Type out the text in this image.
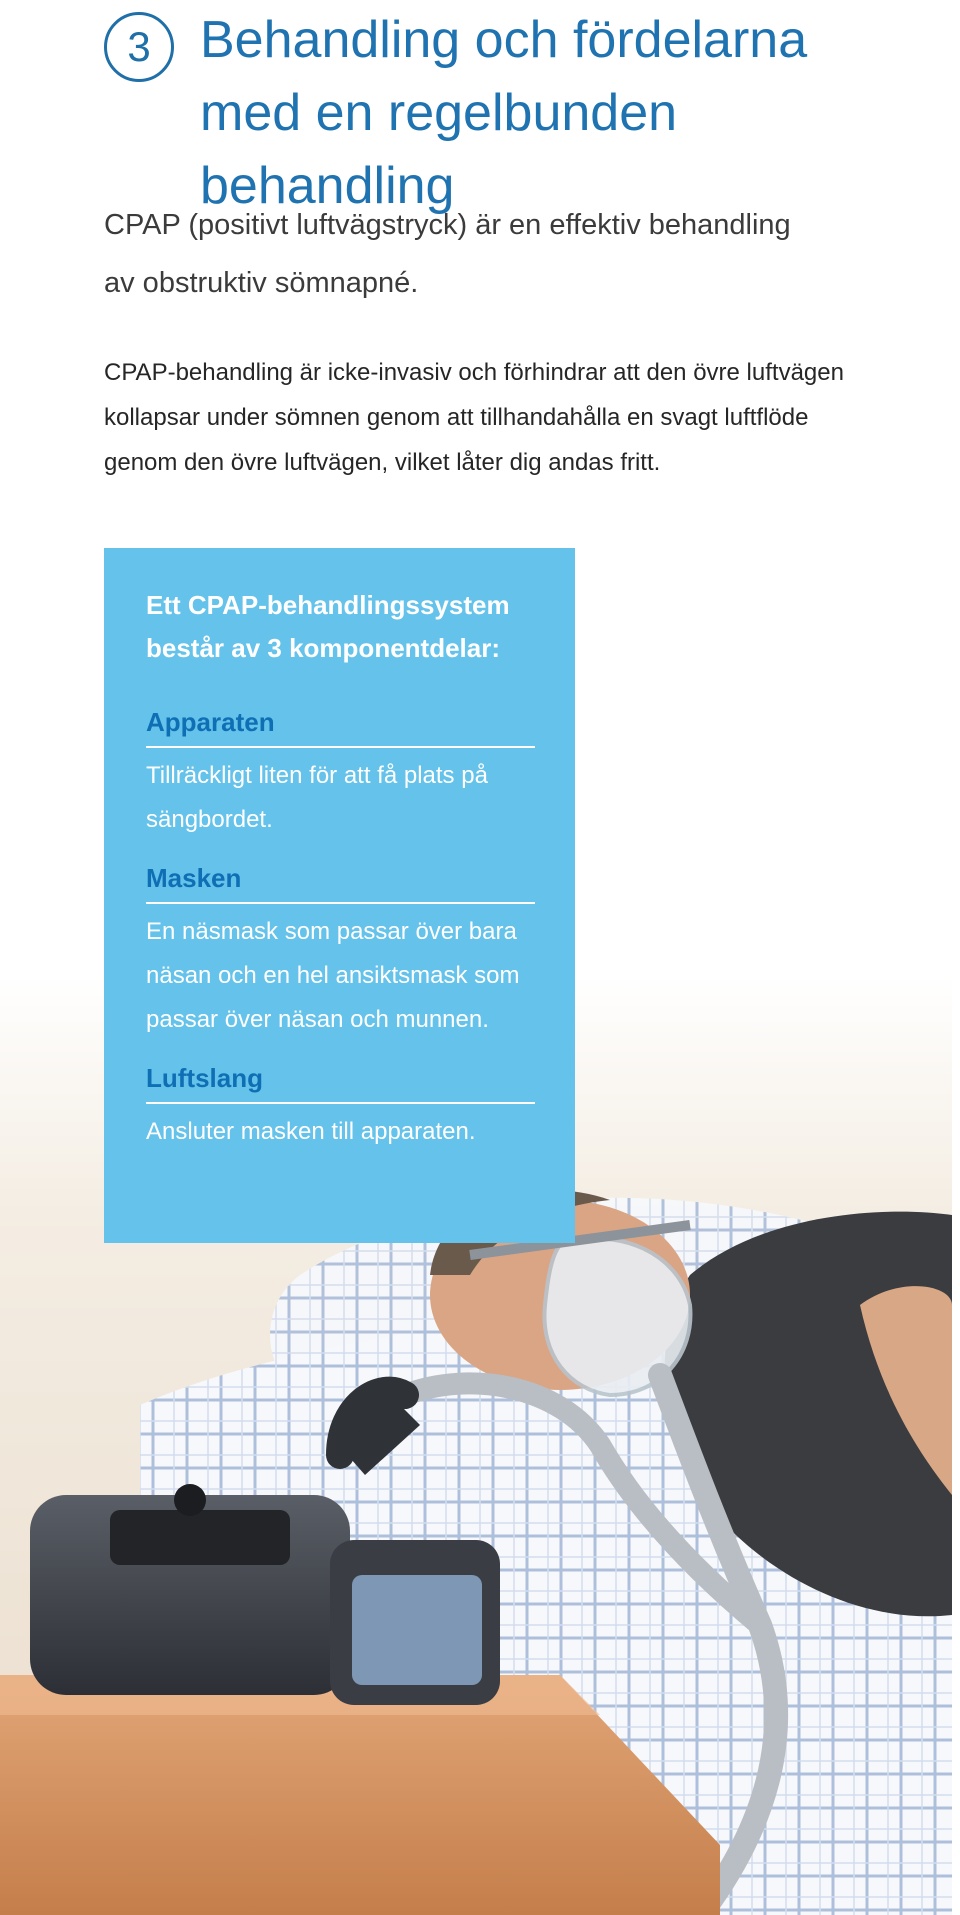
3 Behandling och fördelarna med en regelbunden behandling

CPAP (positivt luftvägstryck) är en effektiv behandling av obstruktiv sömnapné.

CPAP-behandling är icke-invasiv och förhindrar att den övre luftvägen kollapsar under sömnen genom att tillhandahålla en svagt luftflöde genom den övre luftvägen, vilket låter dig andas fritt.

Ett CPAP-behandlingssystem består av 3 komponentdelar:

Apparaten

Tillräckligt liten för att få plats på sängbordet.

Masken

En näsmask som passar över bara näsan och en hel ansiktsmask som passar över näsan och munnen.

Luftslang

Ansluter masken till apparaten.
